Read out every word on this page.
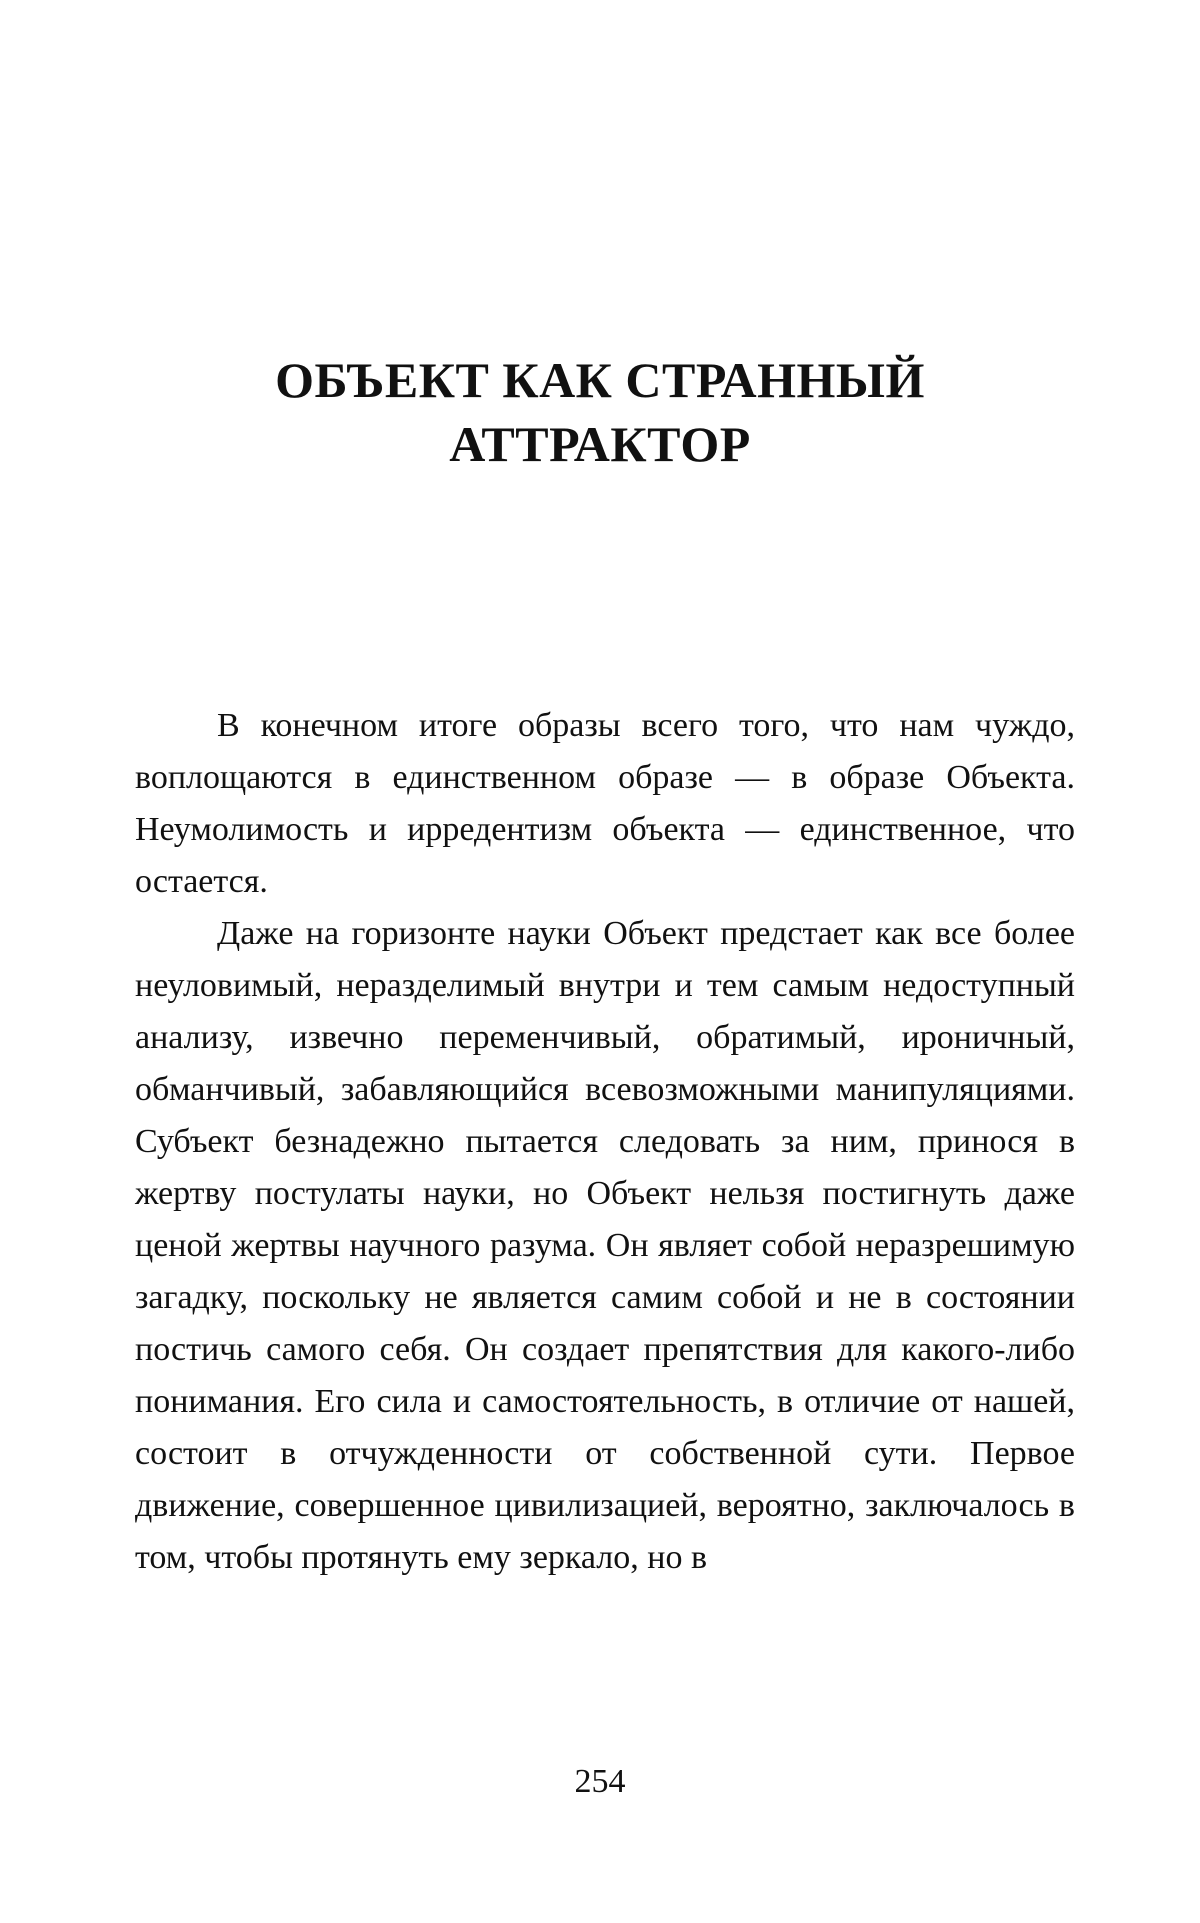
ОБЪЕКТ КАК СТРАННЫЙ
АТТРАКТОР

В конечном итоге образы всего того, что нам чуждо, воплощаются в единственном образе — в образе Объекта. Неумолимость и ирредентизм объекта — единственное, что остается.

Даже на горизонте науки Объект предстает как все более неуловимый, неразделимый внутри и тем самым недоступный анализу, извечно переменчивый, обратимый, ироничный, обманчивый, забавляющийся всевозможными манипуляциями. Субъект безнадежно пытается следовать за ним, принося в жертву постулаты науки, но Объект нельзя постигнуть даже ценой жертвы научного разума. Он являет собой неразрешимую загадку, поскольку не является самим собой и не в состоянии постичь самого себя. Он создает препятствия для какого-либо понимания. Его сила и самостоятельность, в отличие от нашей, состоит в отчужденности от собственной сути. Первое движение, совершенное цивилизацией, вероятно, заключалось в том, чтобы протянуть ему зеркало, но в

254
